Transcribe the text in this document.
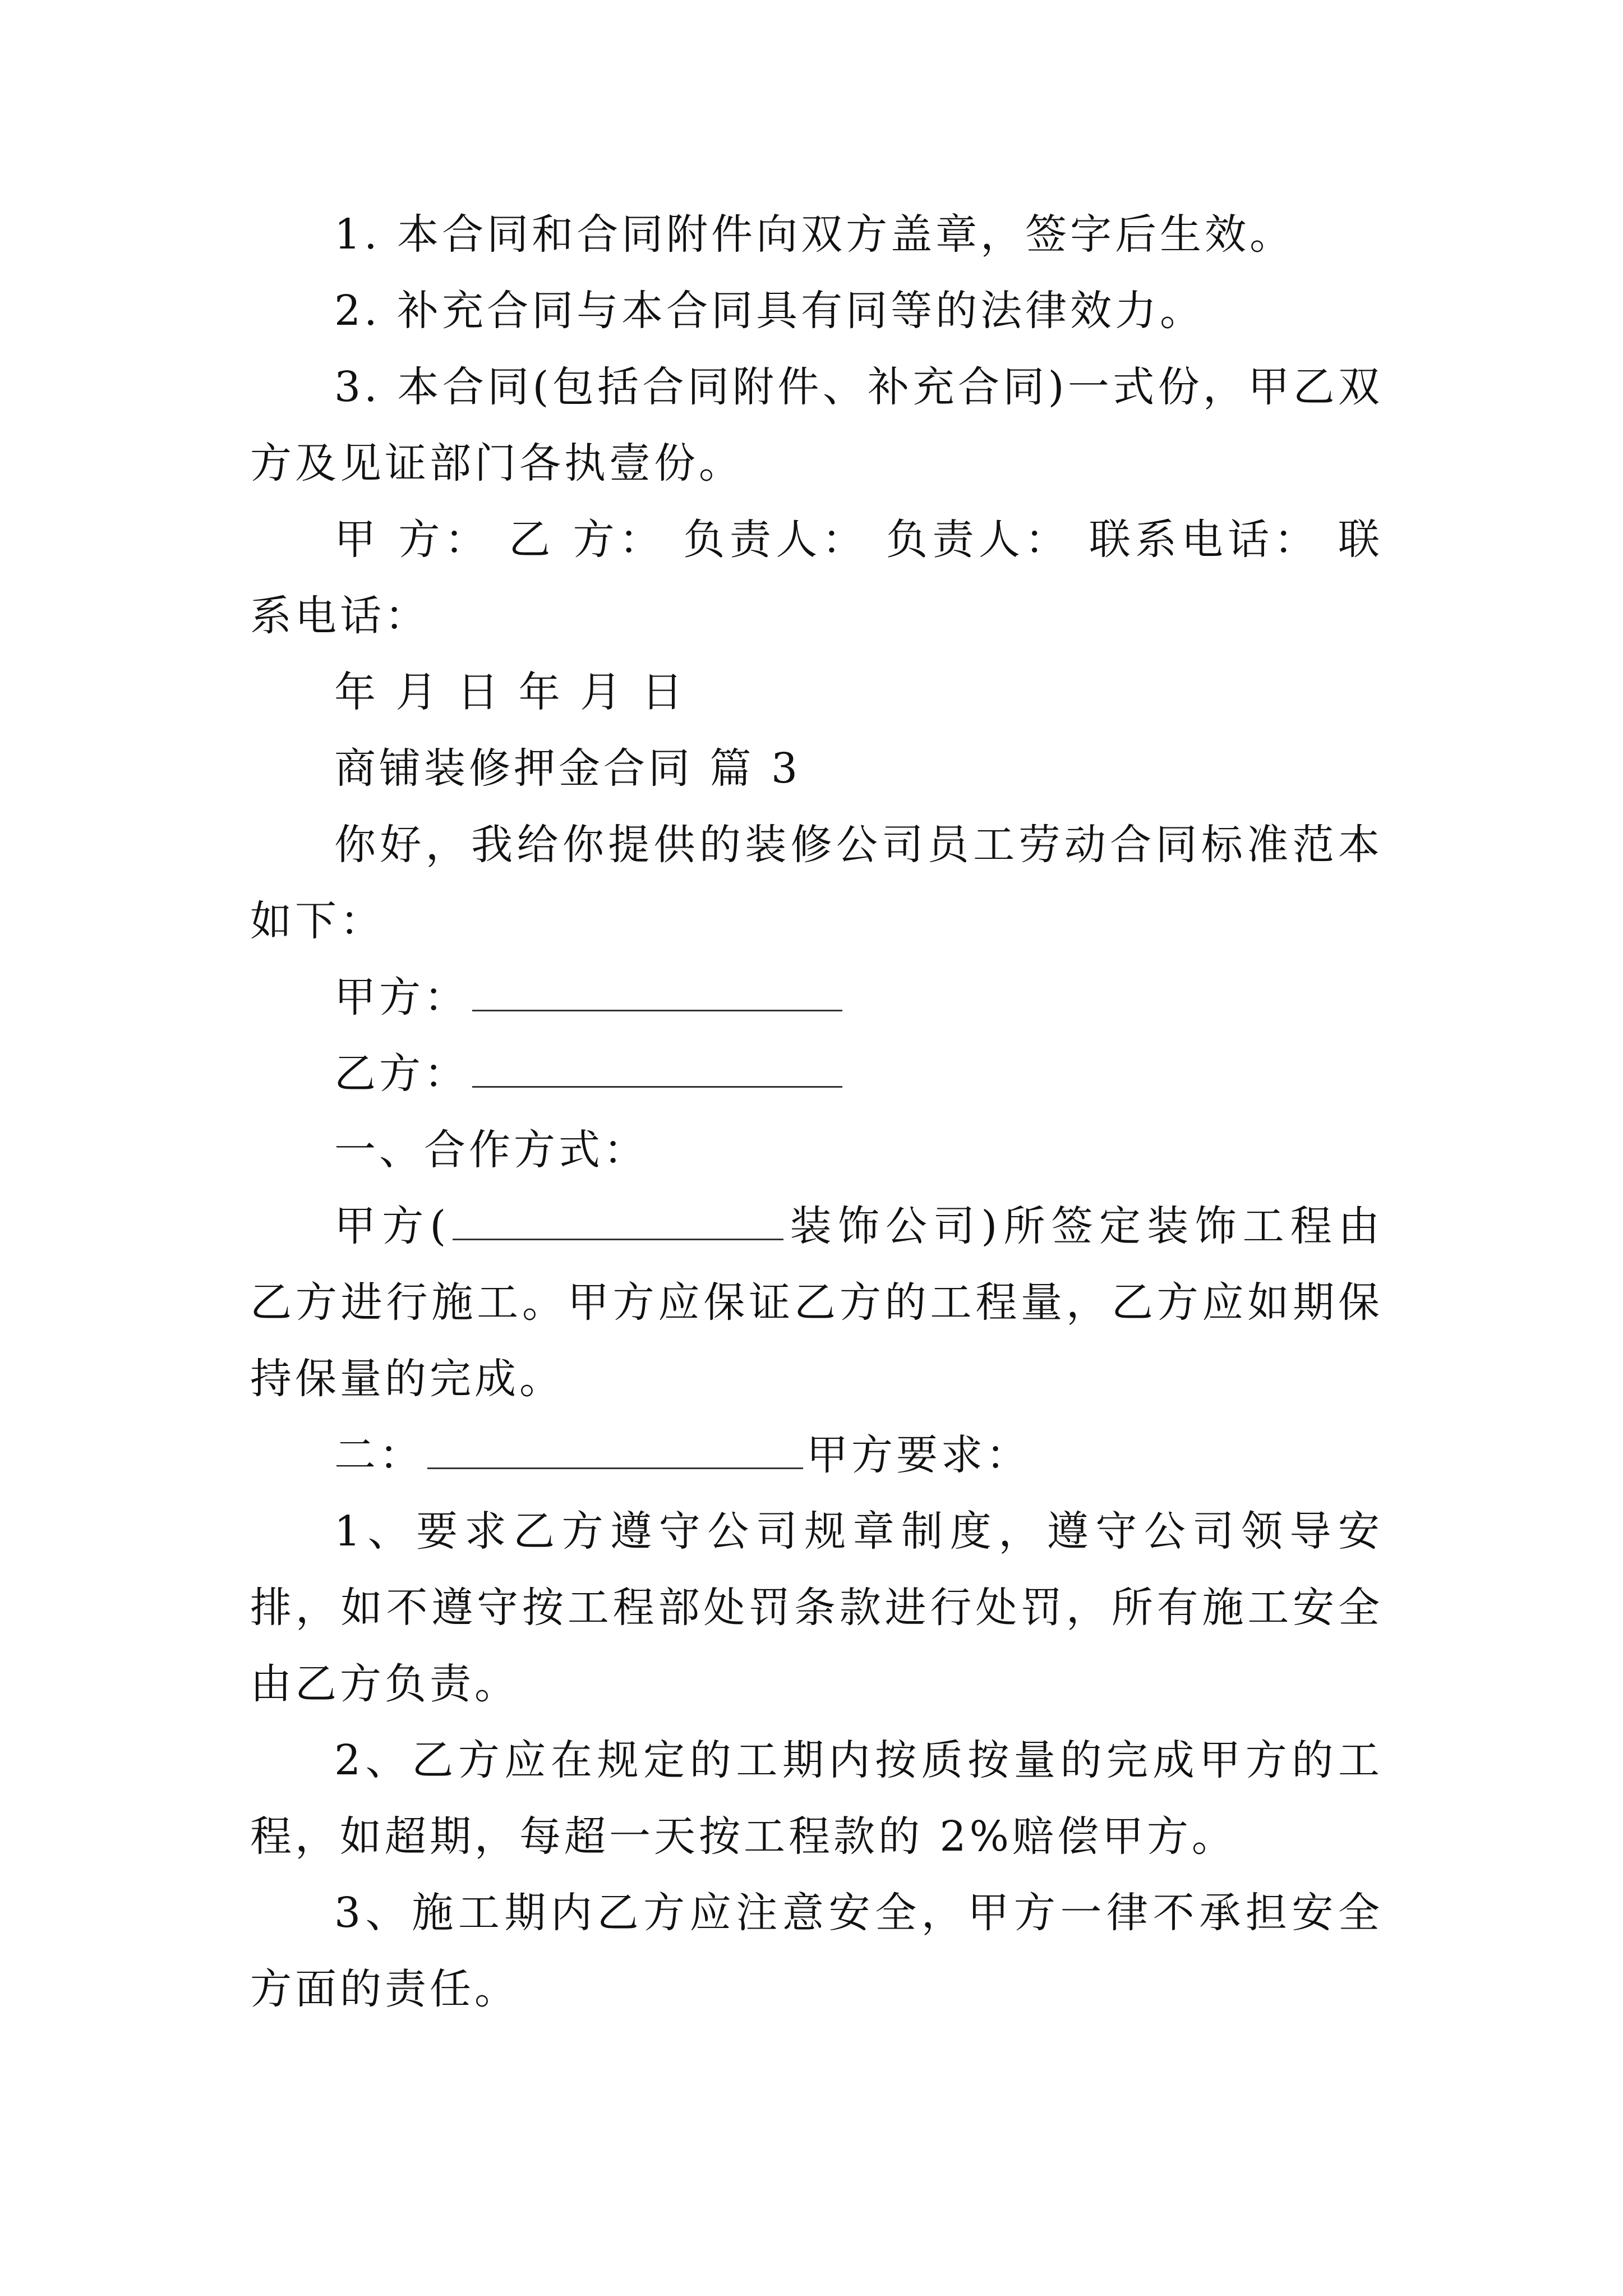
1. 本合同和合同附件向双方盖章，签字后生效。

2. 补充合同与本合同具有同等的法律效力。

3. 本合同(包括合同附件、补充合同)一式份，甲乙双方及见证部门各执壹份。

甲 方： 乙 方： 负责人： 负责人： 联系电话： 联系电话：

年 月 日 年 月 日

商铺装修押金合同 篇 3

你好，我给你提供的装修公司员工劳动合同标准范本如下：

甲方：

乙方：

一、合作方式：

甲方(	装饰公司)所签定装饰工程由乙方进行施工。甲方应保证乙方的工程量，乙方应如期保持保量的完成。

二：	甲方要求：

1、要求乙方遵守公司规章制度，遵守公司领导安排，如不遵守按工程部处罚条款进行处罚，所有施工安全由乙方负责。

2、乙方应在规定的工期内按质按量的完成甲方的工程，如超期，每超一天按工程款的 2%赔偿甲方。

3、施工期内乙方应注意安全，甲方一律不承担安全方面的责任。
